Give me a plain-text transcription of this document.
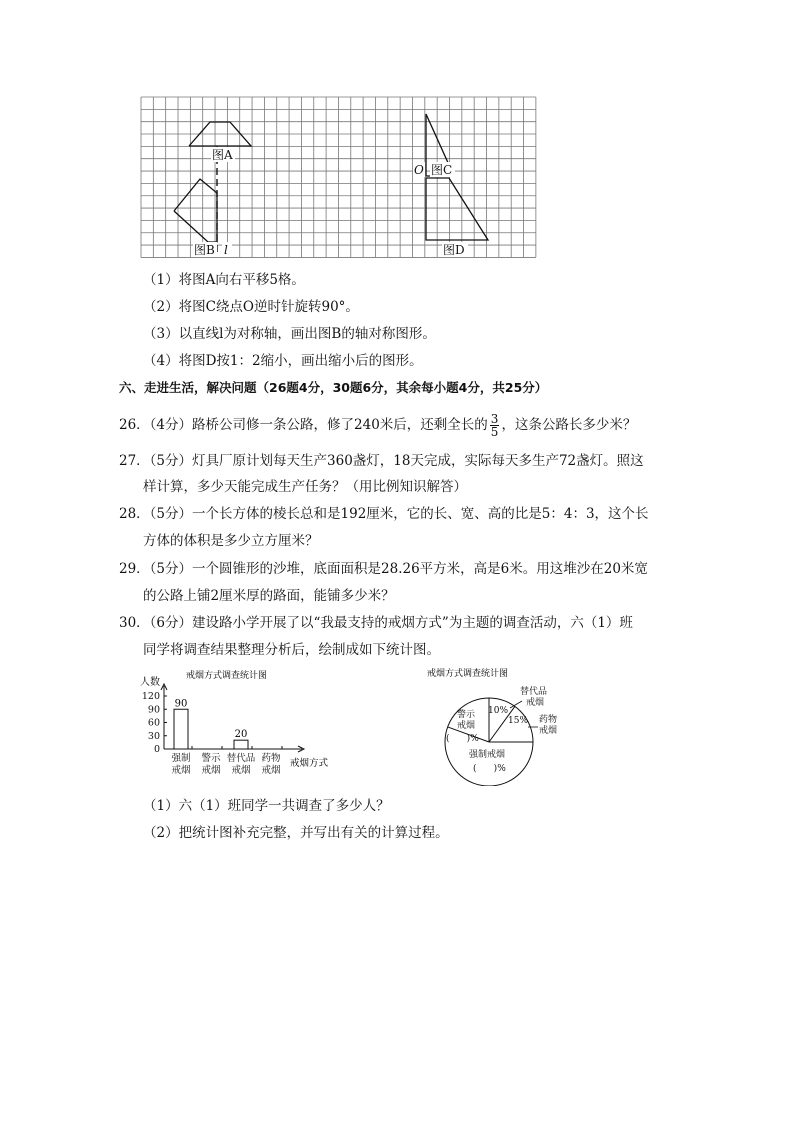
图A
图B l
O 图C
图D
（1）将图A向右平移5格。
（2）将图C绕点O逆时针旋转90°。
（3）以直线l为对称轴，画出图B的轴对称图形。
（4）将图D按1：2缩小，画出缩小后的图形。
六、走进生活，解决问题（26题4分，30题6分，其余每小题4分，共25分）
26．（4分）路桥公司修一条公路，修了240米后，还剩全长的 $\frac{3}{5}$ ，这条公路长多少米？
27．（5分）灯具厂原计划每天生产360盏灯，18天完成，实际每天多生产72盏灯。照这
样计算，多少天能完成生产任务？（用比例知识解答）
28．（5分）一个长方体的棱长总和是192厘米，它的长、宽、高的比是5：4：3，这个长
方体的体积是多少立方厘米？
29．（5分）一个圆锥形的沙堆，底面面积是28.26平方米，高是6米。用这堆沙在20米宽
的公路上铺2厘米厚的路面，能铺多少米？
30．（6分）建设路小学开展了以“我最支持的戒烟方式”为主题的调查活动，六（1）班
同学将调查结果整理分析后，绘制成如下统计图。
戒烟方式调查统计图
人数
120
90
60
30
0
90
20
强制
戒烟
警示
戒烟
替代品
戒烟
药物
戒烟
戒烟方式
戒烟方式调查统计图
替代品
戒烟
10%
药物
戒烟
15%
强制戒烟
(      )%
警示
戒烟
(      )%
（1）六（1）班同学一共调查了多少人？
（2）把统计图补充完整，并写出有关的计算过程。
